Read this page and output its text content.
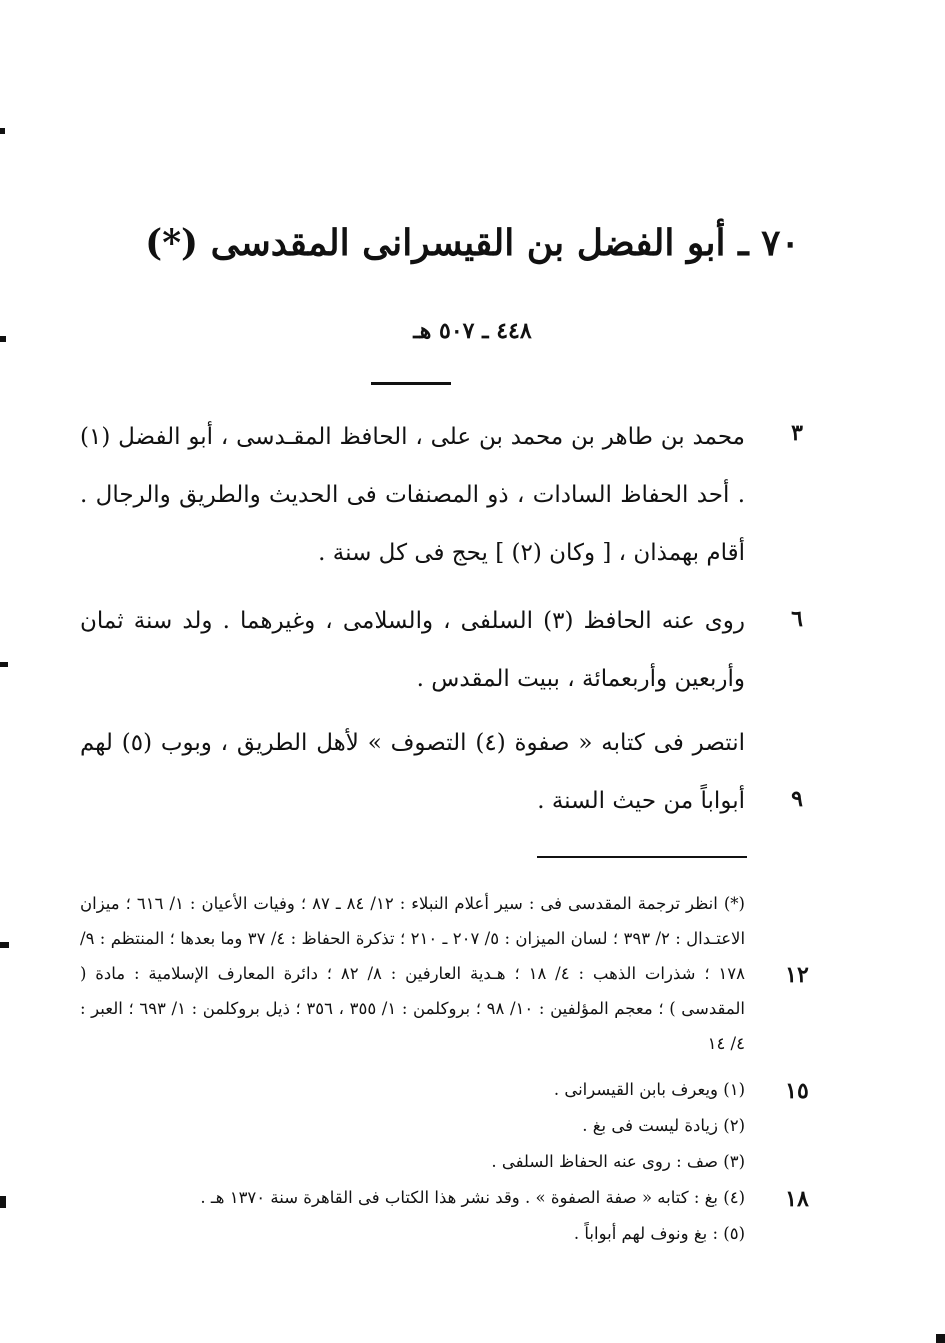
٧٠ ـ أبو الفضل بن القيسرانى المقدسى (*)
٤٤٨ ـ ٥٠٧ هـ
محمد بن طاهر بن محمد بن على ، الحافظ المقـدسى ، أبو الفضل (١) . أحد الحفاظ السادات ، ذو المصنفات فى الحديث والطريق والرجال . أقام بهمذان ، [ وكان (٢) ] يحج فى كل سنة .
روى عنه الحافظ (٣) السلفى ، والسلامى ، وغيرهما . ولد سنة ثمان وأربعين وأربعمائة ، ببيت المقدس .
انتصر فى كتابه « صفوة (٤) التصوف » لأهل الطريق ، وبوب (٥) لهم أبواباً من حيث السنة .
٣
٦
٩
١٢
١٥
١٨
(*) انظر ترجمة المقدسى فى : سير أعلام النبلاء : ١٢/ ٨٤ ـ ٨٧ ؛ وفيات الأعيان : ١/ ٦١٦ ؛ ميزان الاعتـدال : ٢/ ٣٩٣ ؛ لسان الميزان : ٥/ ٢٠٧ ـ ٢١٠ ؛ تذكرة الحفاظ : ٤/ ٣٧ وما بعدها ؛ المنتظم : ٩/ ١٧٨ ؛ شذرات الذهب : ٤/ ١٨ ؛ هـدية العارفين : ٨/ ٨٢ ؛ دائرة المعارف الإسلامية : مادة ( المقدسى ) ؛ معجم المؤلفين : ١٠/ ٩٨ ؛ بروكلمن : ١/ ٣٥٥ ، ٣٥٦ ؛ ذيل بروكلمن : ١/ ٦٩٣ ؛ العبر : ٤/ ١٤
(١) ويعرف بابن القيسرانى .
(٢) زيادة ليست فى بغ .
(٣) صف : روى عنه الحفاظ السلفى .
(٤) بغ : كتابه « صفة الصفوة » . وقد نشر هذا الكتاب فى القاهرة سنة ١٣٧٠ هـ .
(٥) : بغ ونوف لهم أبواباً .
